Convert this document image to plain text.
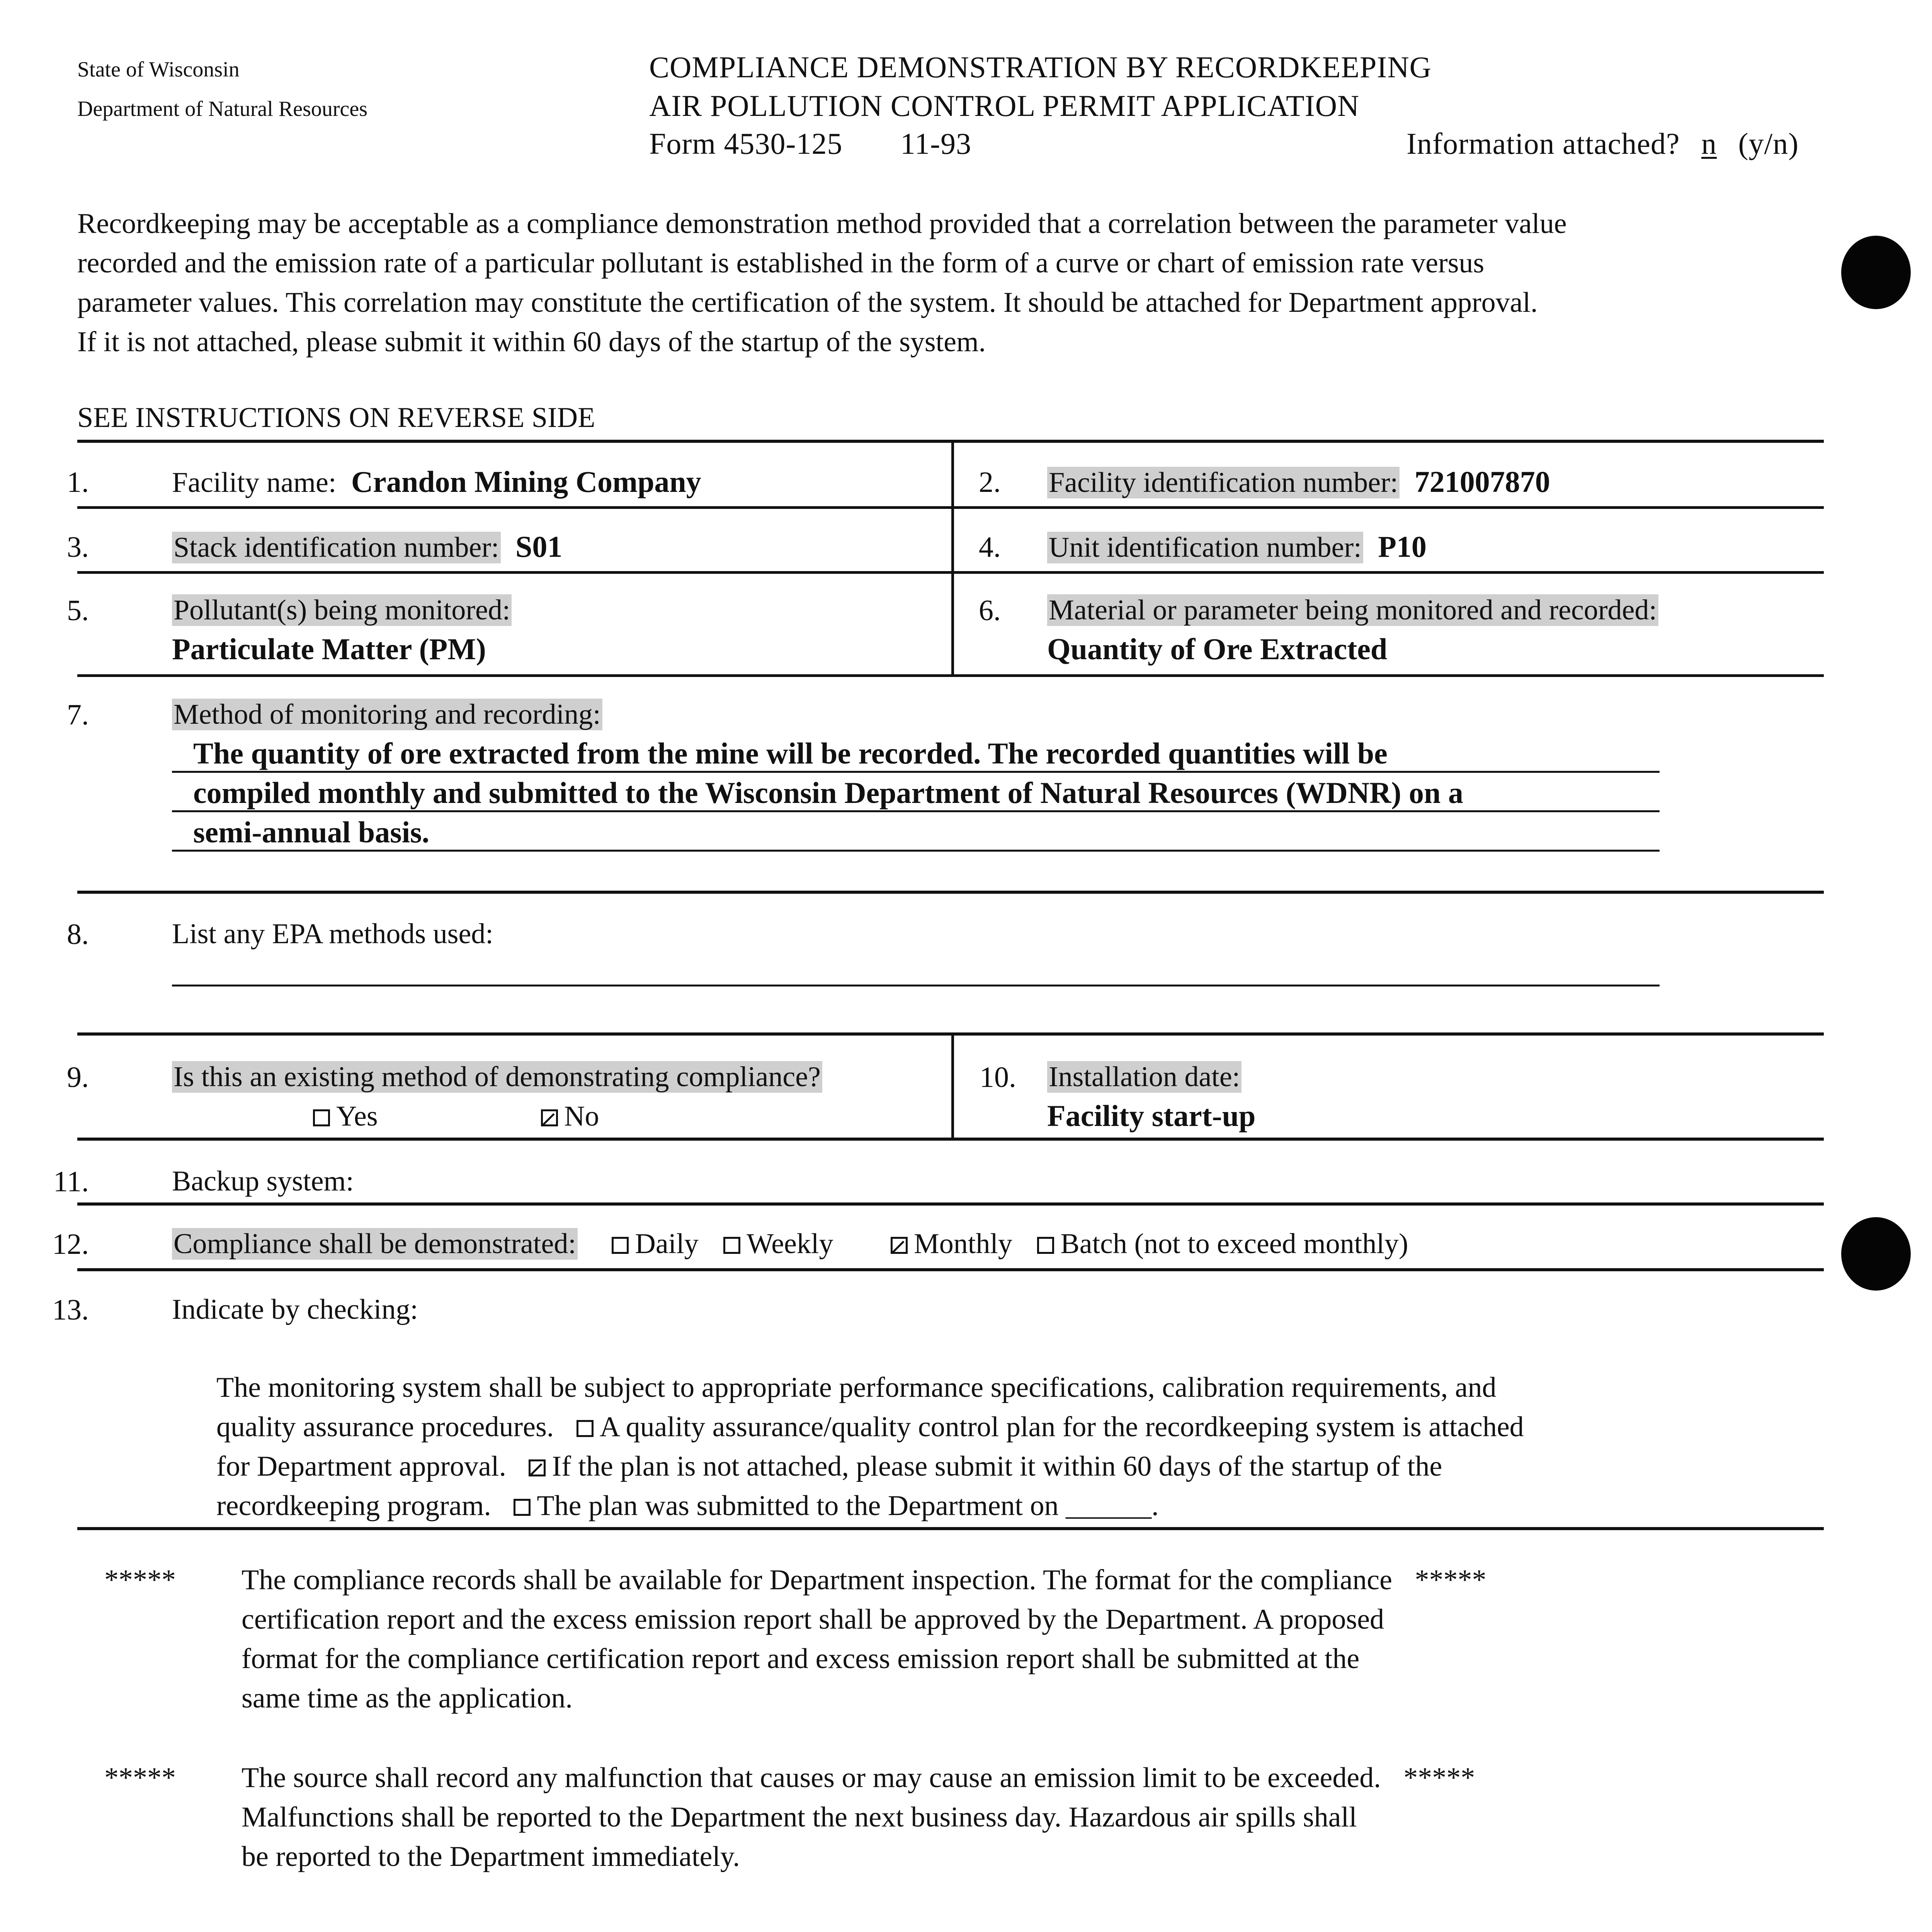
State of Wisconsin
Department of Natural Resources
COMPLIANCE DEMONSTRATION BY RECORDKEEPING
AIR POLLUTION CONTROL PERMIT APPLICATION
Form 4530-125 11-93	Information attached? n (y/n)
Recordkeeping may be acceptable as a compliance demonstration method provided that a correlation between the parameter value
recorded and the emission rate of a particular pollutant is established in the form of a curve or chart of emission rate versus
parameter values. This correlation may constitute the certification of the system. It should be attached for Department approval.
If it is not attached, please submit it within 60 days of the startup of the system.
SEE INSTRUCTIONS ON REVERSE SIDE
1.	Facility name: Crandon Mining Company	2. Facility identification number: 721007870
3.	Stack identification number: S01	4. Unit identification number: P10
5.	Pollutant(s) being monitored:
Particulate Matter (PM)
6. Material or parameter being monitored and recorded:
Quantity of Ore Extracted
7.	Method of monitoring and recording:
The quantity of ore extracted from the mine will be recorded. The recorded quantities will be
compiled monthly and submitted to the Wisconsin Department of Natural Resources (WDNR) on a
semi-annual basis.
8.	List any EPA methods used:
9.	Is this an existing method of demonstrating compliance?
Yes	No
10. Installation date:
Facility start-up
11.	Backup system:
12.	Compliance shall be demonstrated: Daily Weekly	Monthly Batch (not to exceed monthly)
13.	Indicate by checking:
The monitoring system shall be subject to appropriate performance specifications, calibration requirements, and
quality assurance procedures. A quality assurance/quality control plan for the recordkeeping system is attached
for Department approval. If the plan is not attached, please submit it within 60 days of the startup of the
recordkeeping program. The plan was submitted to the Department on ______.
***** The compliance records shall be available for Department inspection. The format for the compliance *****
certification report and the excess emission report shall be approved by the Department. A proposed
format for the compliance certification report and excess emission report shall be submitted at the
same time as the application.
***** The source shall record any malfunction that causes or may cause an emission limit to be exceeded. *****
Malfunctions shall be reported to the Department the next business day. Hazardous air spills shall
be reported to the Department immediately.
